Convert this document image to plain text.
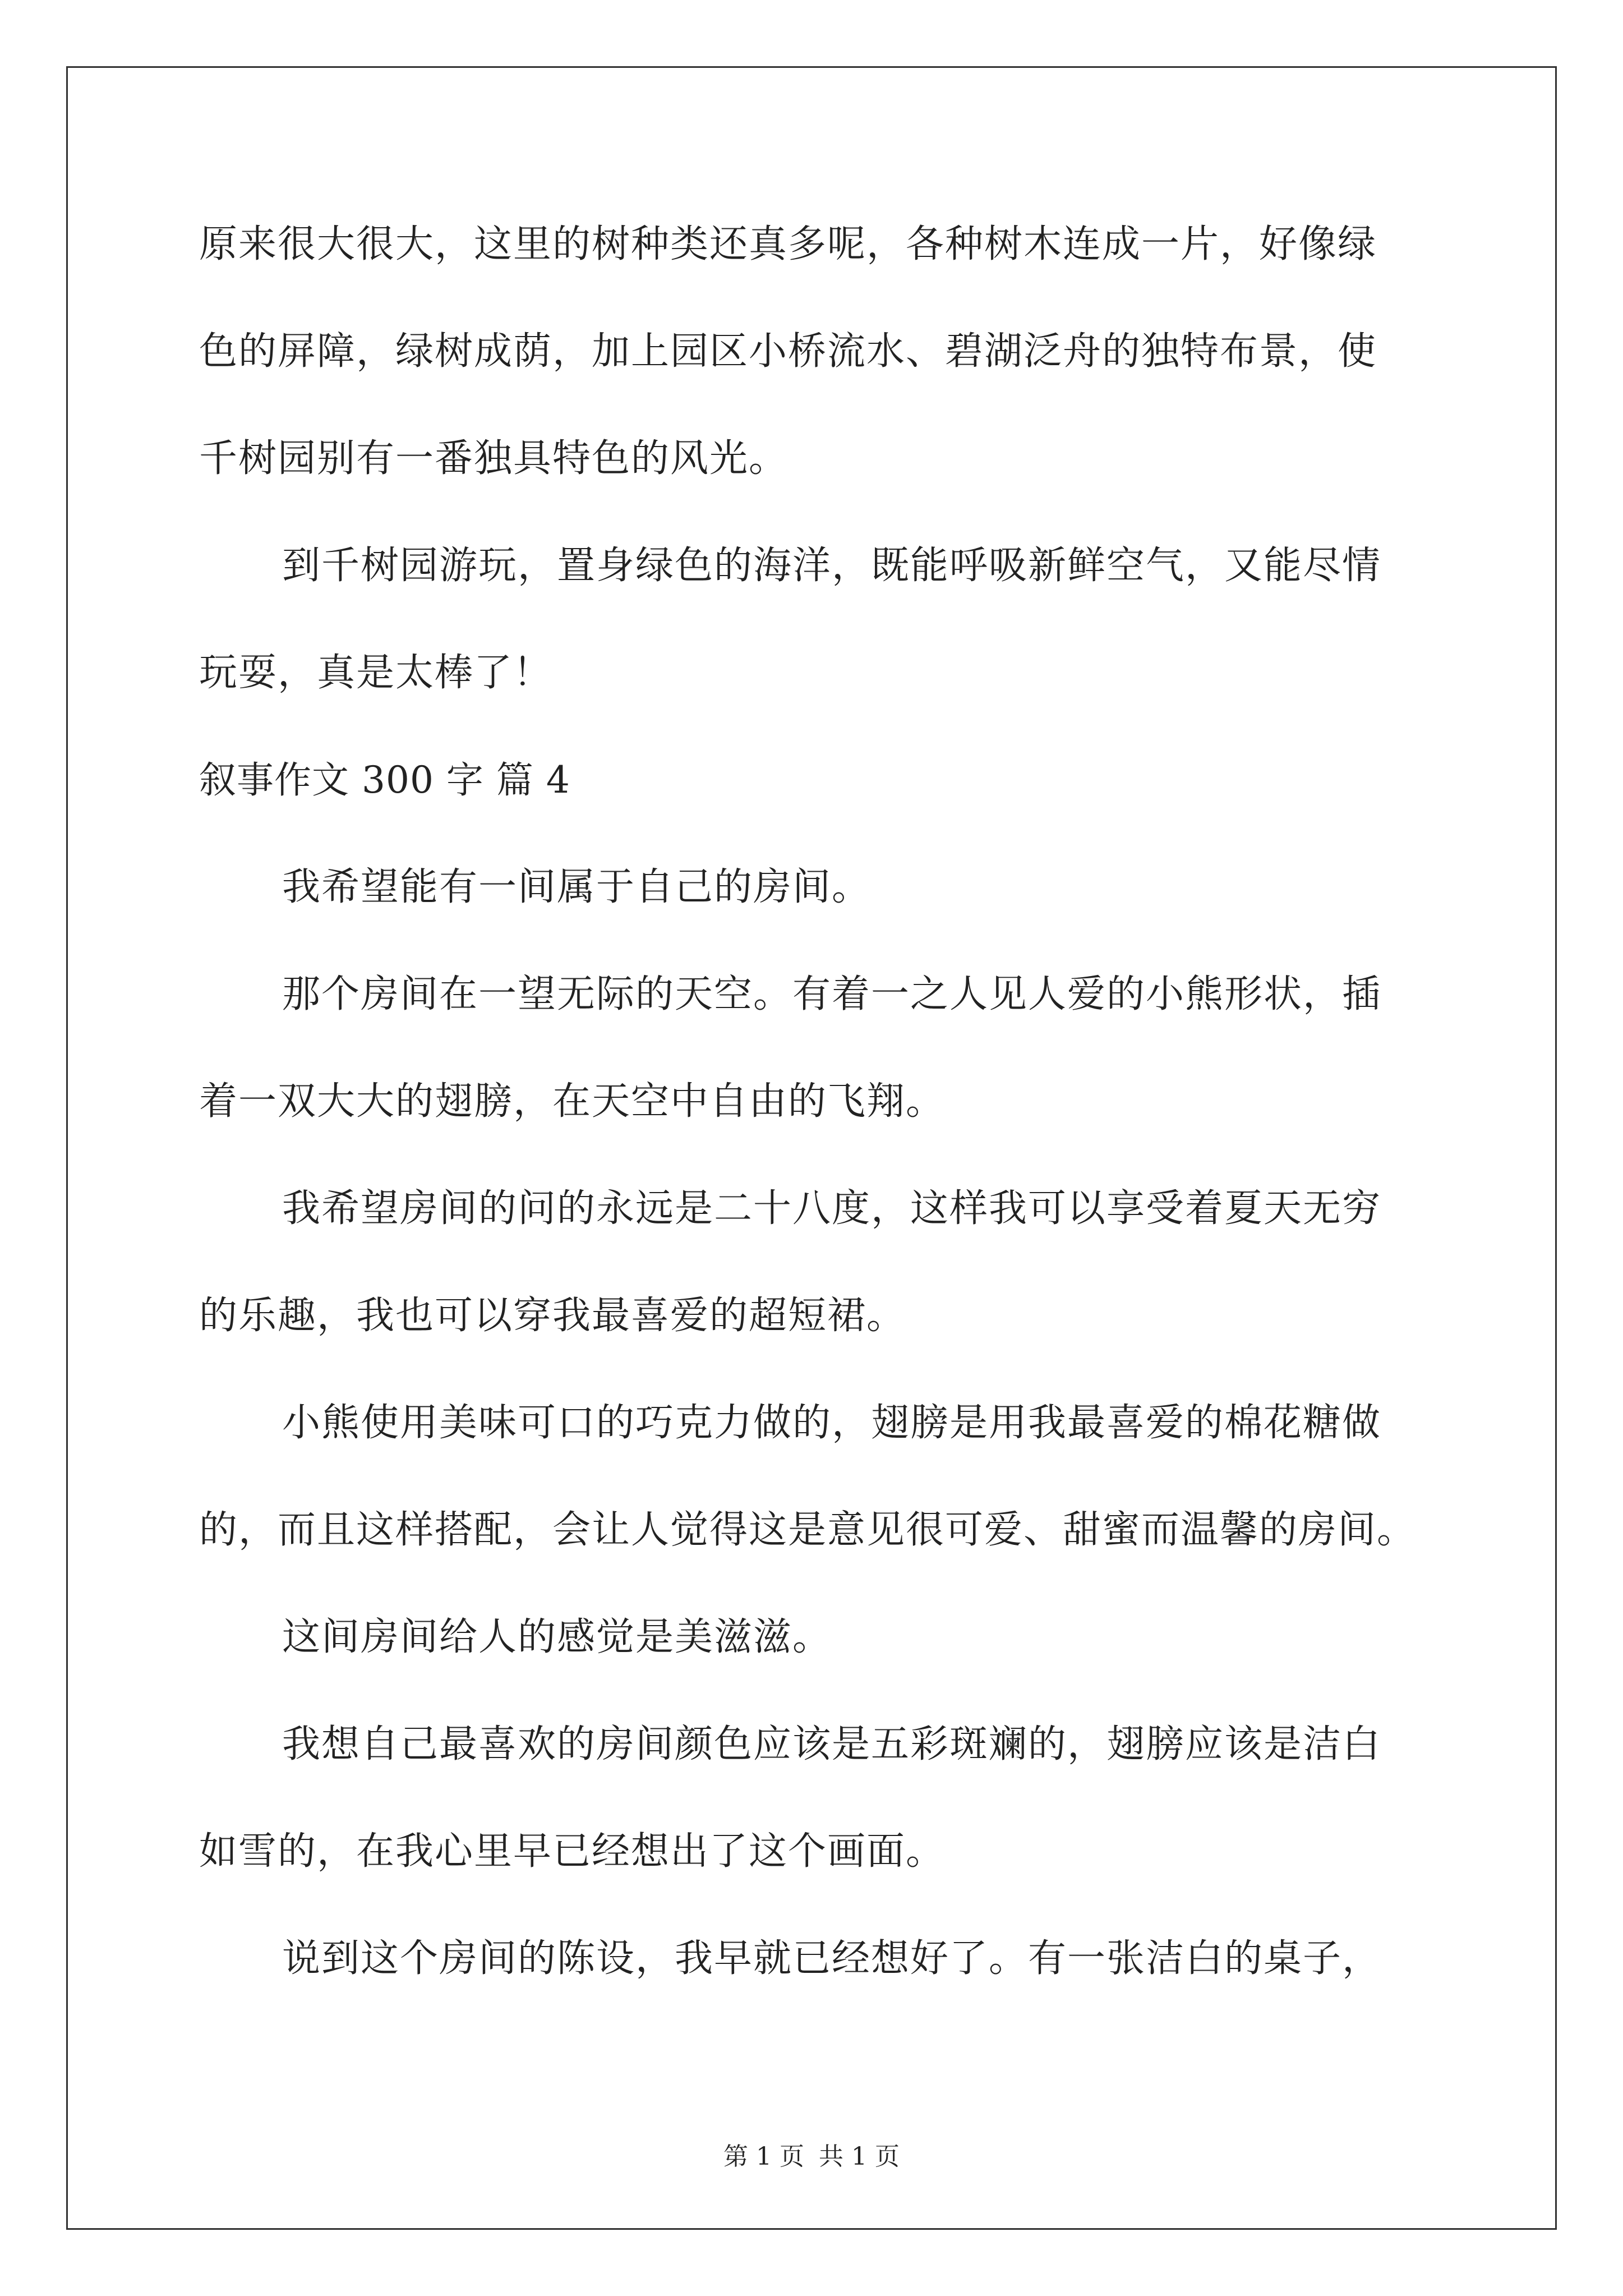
原来很大很大，这里的树种类还真多呢，各种树木连成一片，好像绿
色的屏障，绿树成荫，加上园区小桥流水、碧湖泛舟的独特布景，使
千树园别有一番独具特色的风光。
到千树园游玩，置身绿色的海洋，既能呼吸新鲜空气，又能尽情
玩耍，真是太棒了！
叙事作文 300 字 篇 4
我希望能有一间属于自己的房间。
那个房间在一望无际的天空。有着一之人见人爱的小熊形状，插
着一双大大的翅膀，在天空中自由的飞翔。
我希望房间的问的永远是二十八度，这样我可以享受着夏天无穷
的乐趣，我也可以穿我最喜爱的超短裙。
小熊使用美味可口的巧克力做的，翅膀是用我最喜爱的棉花糖做
的，而且这样搭配，会让人觉得这是意见很可爱、甜蜜而温馨的房间。
这间房间给人的感觉是美滋滋。
我想自己最喜欢的房间颜色应该是五彩斑斓的，翅膀应该是洁白
如雪的，在我心里早已经想出了这个画面。
说到这个房间的陈设，我早就已经想好了。有一张洁白的桌子，
第 1 页 共 1 页
